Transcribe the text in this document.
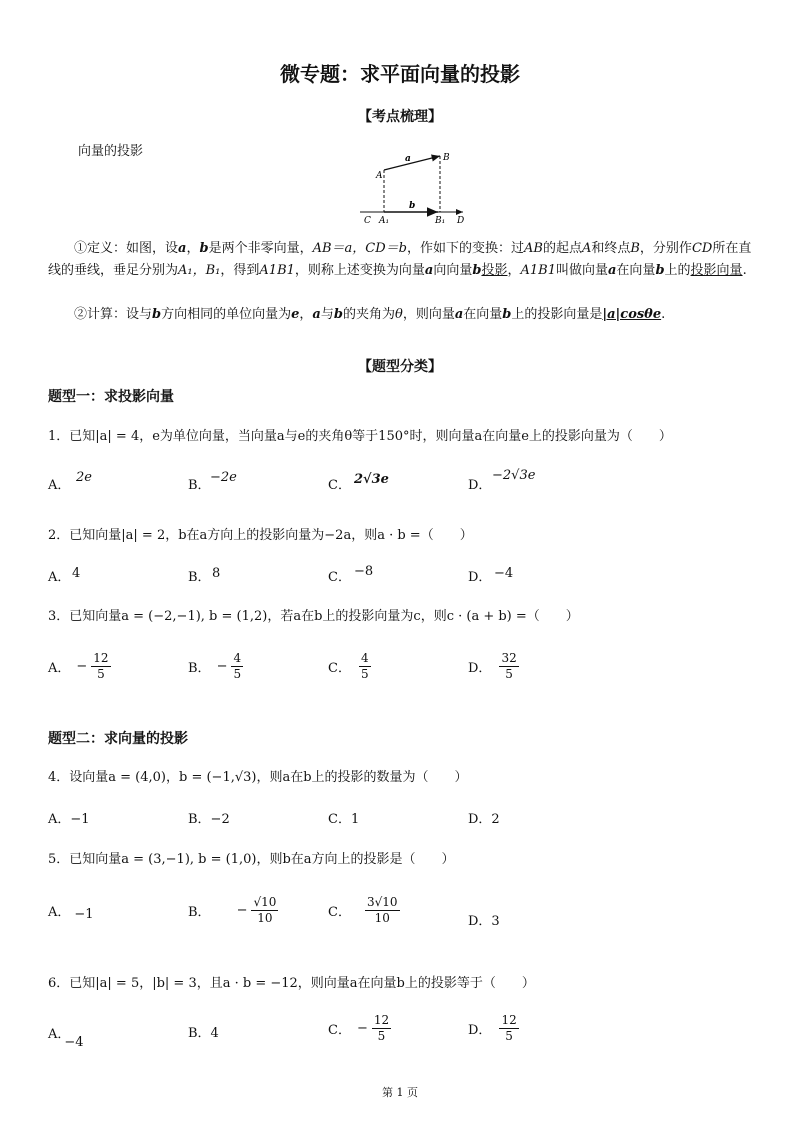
微专题：求平面向量的投影
【考点梳理】
向量的投影	a	B
A
b
C A₁	B₁ D
①定义：如图，设a，b是两个非零向量，AB＝a，CD＝b，作如下的变换：过AB的起点A和终点B，分别作CD所在直线的垂线，垂足分别为A₁，B₁，得到A1B1，则称上述变换为向量a向向量b投影，A1B1叫做向量a在向量b上的投影向量.
②计算：设与b方向相同的单位向量为e，a与b的夹角为θ，则向量a在向量b上的投影向量是|a|cosθe.
【题型分类】
题型一：求投影向量
1．已知|a| = 4，e为单位向量，当向量a与e的夹角θ等于150°时，则向量a在向量e上的投影向量为（　　）
A．
2e
B．
−2e
C． 2√3e	D．
−2√3e
2．已知向量|a| = 2，b在a方向上的投影向量为−2a，则a · b =（　　）
A． 4	B． 8	C． −8	D． −4
3．已知向量a = (−2,−1), b = (1,2)，若a在b上的投影向量为c，则c · (a + b) =（　　）
A． − $\frac{12}{5}$	B． − $\frac{4}{5}$	C． $\frac{4}{5}$	D． $\frac{32}{5}$
题型二：求向量的投影
4．设向量a = (4,0)，b = (−1,√3)，则a在b上的投影的数量为（　　）
A．−1	B．−2	C．1	D．2
5．已知向量a = (3,−1), b = (1,0)，则b在a方向上的投影是（　　）
A． −1	B． − $\frac{√10}{10}$	C． $\frac{3√10}{10}$	D．3
6．已知|a| = 5，|b| = 3，且a · b = −12，则向量a在向量b上的投影等于（　　）
A．
−4
B．4	C． − $\frac{12}{5}$	D． $\frac{12}{5}$
第 1 页
